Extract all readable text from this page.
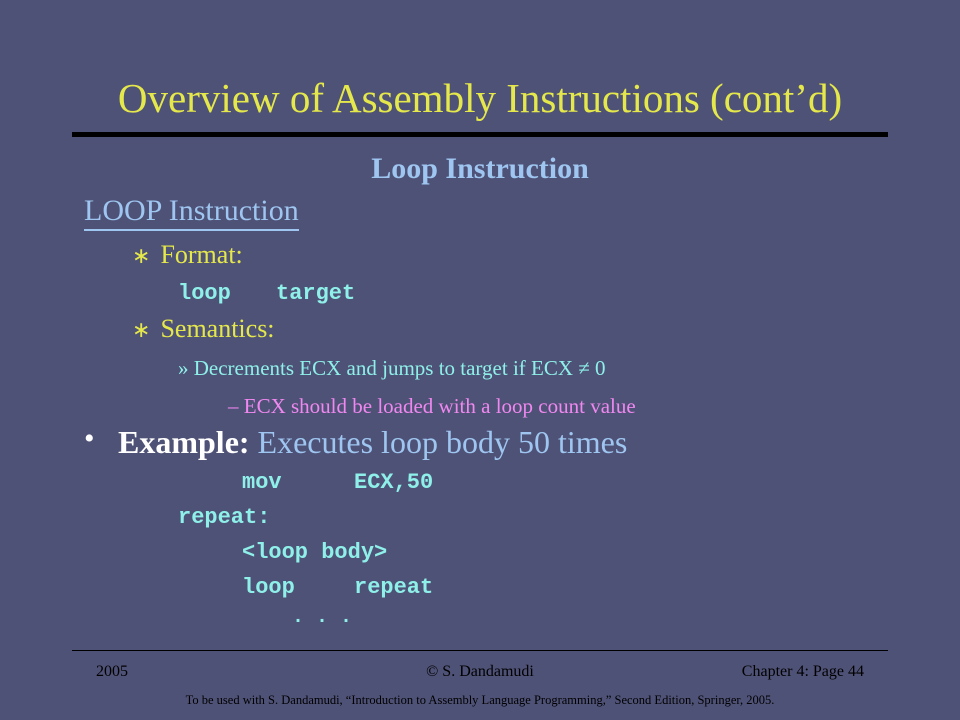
Overview of Assembly Instructions (cont’d)
Loop Instruction
LOOP Instruction
∗ Format:
loop target
∗ Semantics:
» Decrements ECX and jumps to target if ECX ≠ 0
– ECX should be loaded with a loop count value
• Example: Executes loop body 50 times
mov	ECX,50
repeat:
<loop body>
loop	repeat
. . .
2005	© S. Dandamudi	Chapter 4: Page 44
To be used with S. Dandamudi, “Introduction to Assembly Language Programming,” Second Edition, Springer, 2005.
